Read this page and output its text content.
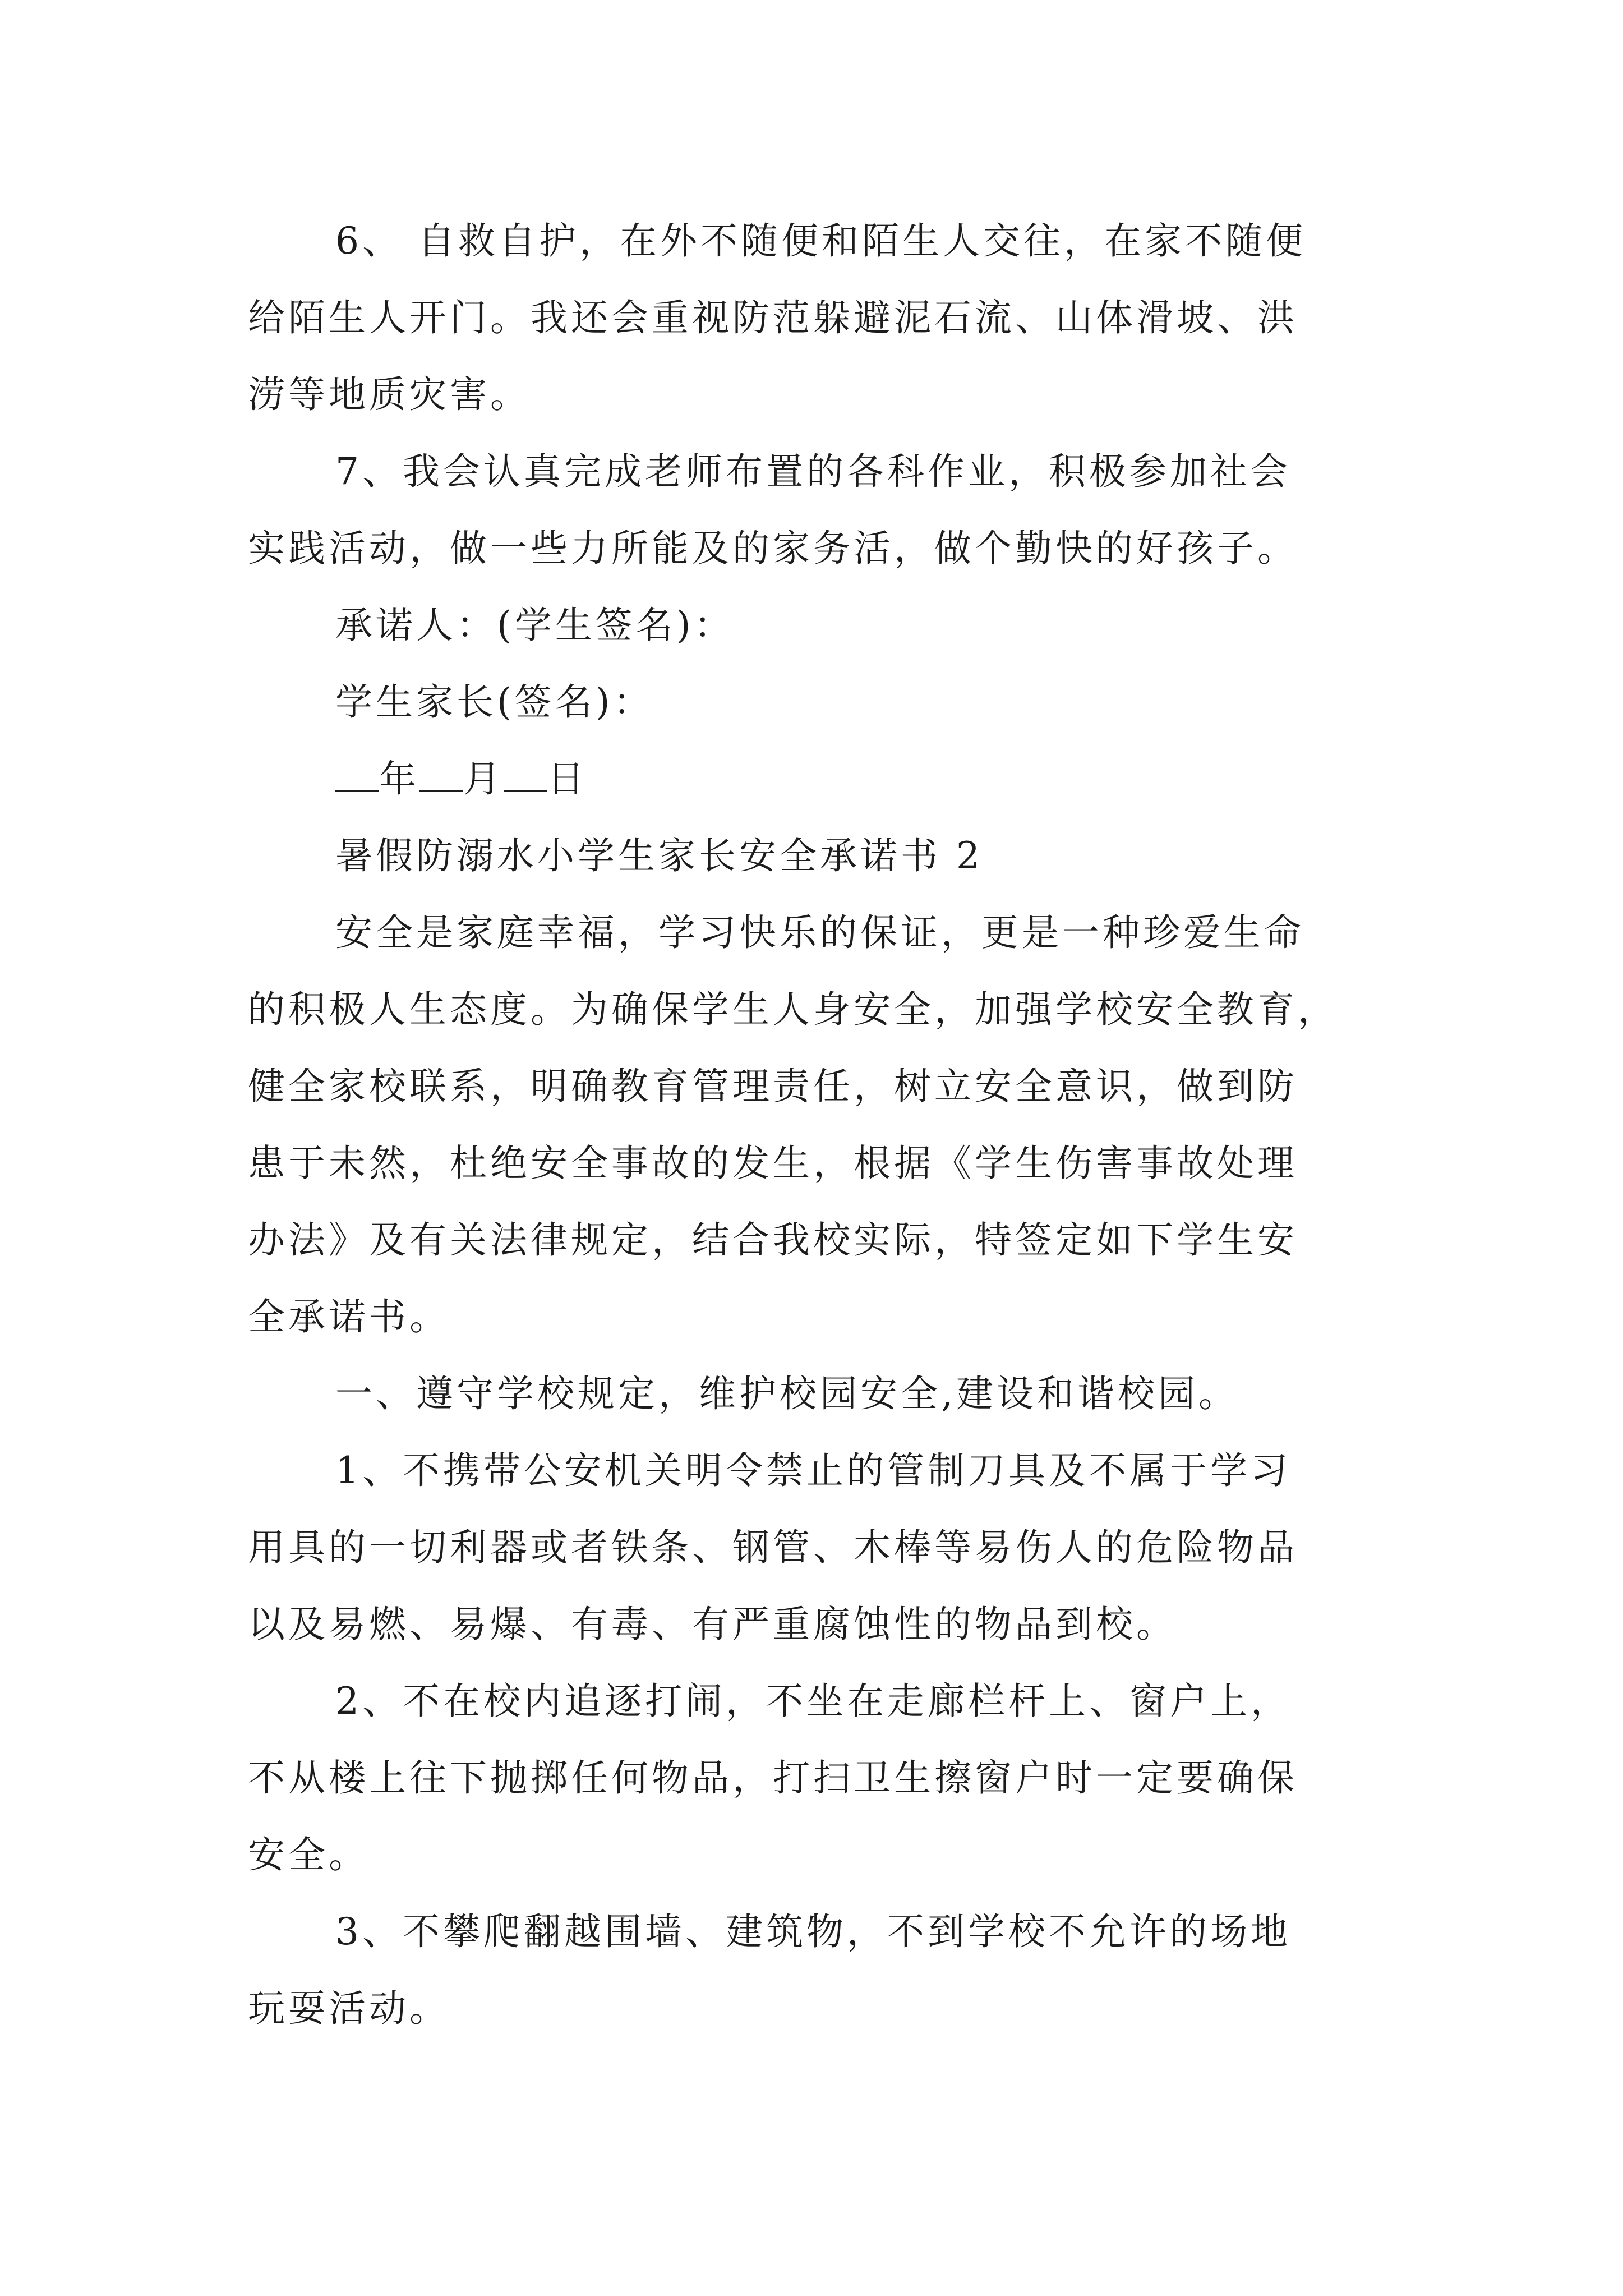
6、 自救自护，在外不随便和陌生人交往，在家不随便
给陌生人开门。我还会重视防范躲避泥石流、山体滑坡、洪
涝等地质灾害。
7、我会认真完成老师布置的各科作业，积极参加社会
实践活动，做一些力所能及的家务活，做个勤快的好孩子。
承诺人：(学生签名)：
学生家长(签名)：
年 月 日
暑假防溺水小学生家长安全承诺书 2
安全是家庭幸福，学习快乐的保证，更是一种珍爱生命
的积极人生态度。为确保学生人身安全，加强学校安全教育，
健全家校联系，明确教育管理责任，树立安全意识，做到防
患于未然，杜绝安全事故的发生，根据《学生伤害事故处理
办法》及有关法律规定，结合我校实际，特签定如下学生安
全承诺书。
一、遵守学校规定，维护校园安全,建设和谐校园。
1、不携带公安机关明令禁止的管制刀具及不属于学习
用具的一切利器或者铁条、钢管、木棒等易伤人的危险物品
以及易燃、易爆、有毒、有严重腐蚀性的物品到校。
2、不在校内追逐打闹，不坐在走廊栏杆上、窗户上，
不从楼上往下抛掷任何物品，打扫卫生擦窗户时一定要确保
安全。
3、不攀爬翻越围墙、建筑物，不到学校不允许的场地
玩耍活动。
